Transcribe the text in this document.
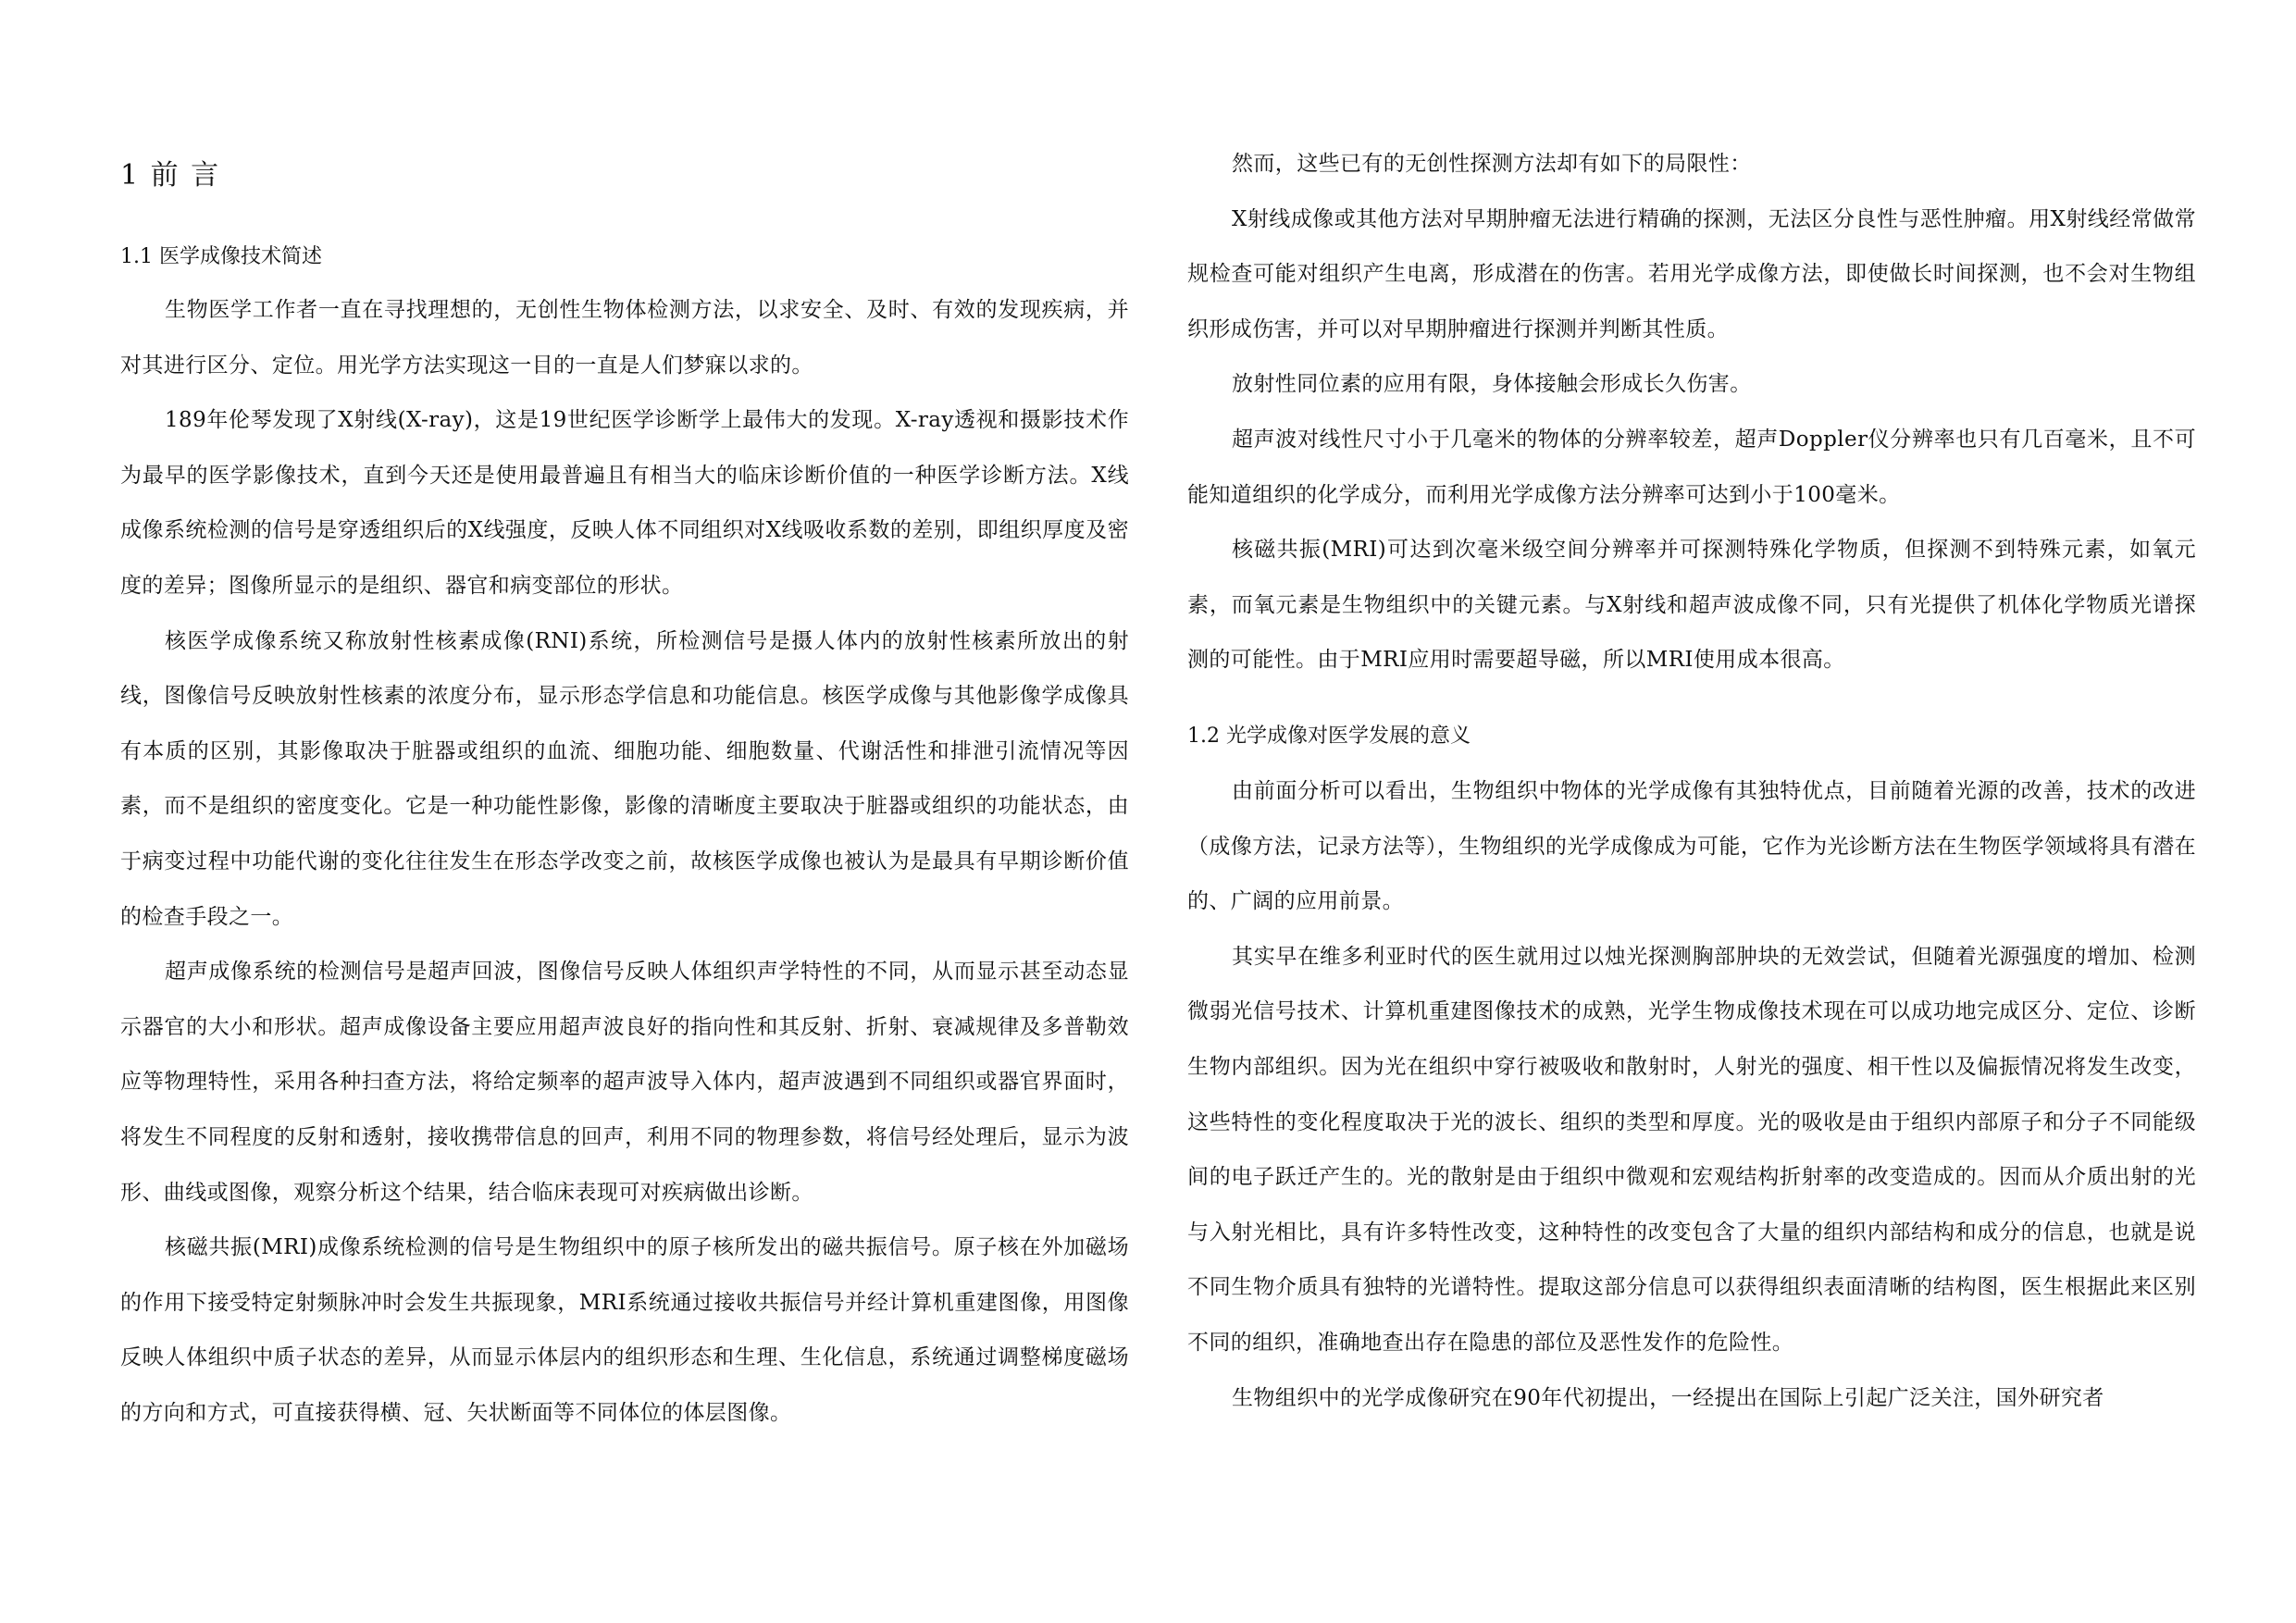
1 前 言
1.1 医学成像技术简述

生物医学工作者一直在寻找理想的，无创性生物体检测方法，以求安全、及时、有效的发现疾病，并对其进行区分、定位。用光学方法实现这一目的一直是人们梦寐以求的。

189年伦琴发现了X射线(X-ray)，这是19世纪医学诊断学上最伟大的发现。X-ray透视和摄影技术作为最早的医学影像技术，直到今天还是使用最普遍且有相当大的临床诊断价值的一种医学诊断方法。X线成像系统检测的信号是穿透组织后的X线强度，反映人体不同组织对X线吸收系数的差别，即组织厚度及密度的差异；图像所显示的是组织、器官和病变部位的形状。

核医学成像系统又称放射性核素成像(RNI)系统，所检测信号是摄人体内的放射性核素所放出的射线，图像信号反映放射性核素的浓度分布，显示形态学信息和功能信息。核医学成像与其他影像学成像具有本质的区别，其影像取决于脏器或组织的血流、细胞功能、细胞数量、代谢活性和排泄引流情况等因素，而不是组织的密度变化。它是一种功能性影像，影像的清晰度主要取决于脏器或组织的功能状态，由于病变过程中功能代谢的变化往往发生在形态学改变之前，故核医学成像也被认为是最具有早期诊断价值的检查手段之一。

超声成像系统的检测信号是超声回波，图像信号反映人体组织声学特性的不同，从而显示甚至动态显示器官的大小和形状。超声成像设备主要应用超声波良好的指向性和其反射、折射、衰减规律及多普勒效应等物理特性，采用各种扫查方法，将给定频率的超声波导入体内，超声波遇到不同组织或器官界面时，将发生不同程度的反射和透射，接收携带信息的回声，利用不同的物理参数，将信号经处理后，显示为波形、曲线或图像，观察分析这个结果，结合临床表现可对疾病做出诊断。

核磁共振(MRI)成像系统检测的信号是生物组织中的原子核所发出的磁共振信号。原子核在外加磁场的作用下接受特定射频脉冲时会发生共振现象，MRI系统通过接收共振信号并经计算机重建图像，用图像反映人体组织中质子状态的差异，从而显示体层内的组织形态和生理、生化信息，系统通过调整梯度磁场的方向和方式，可直接获得横、冠、矢状断面等不同体位的体层图像。

然而，这些已有的无创性探测方法却有如下的局限性：

X射线成像或其他方法对早期肿瘤无法进行精确的探测，无法区分良性与恶性肿瘤。用X射线经常做常规检查可能对组织产生电离，形成潜在的伤害。若用光学成像方法，即使做长时间探测，也不会对生物组织形成伤害，并可以对早期肿瘤进行探测并判断其性质。

放射性同位素的应用有限，身体接触会形成长久伤害。

超声波对线性尺寸小于几毫米的物体的分辨率较差，超声Doppler仪分辨率也只有几百毫米，且不可能知道组织的化学成分，而利用光学成像方法分辨率可达到小于100毫米。

核磁共振(MRI)可达到次毫米级空间分辨率并可探测特殊化学物质，但探测不到特殊元素，如氧元素，而氧元素是生物组织中的关键元素。与X射线和超声波成像不同，只有光提供了机体化学物质光谱探测的可能性。由于MRI应用时需要超导磁，所以MRI使用成本很高。

1.2 光学成像对医学发展的意义

由前面分析可以看出，生物组织中物体的光学成像有其独特优点，目前随着光源的改善，技术的改进（成像方法，记录方法等），生物组织的光学成像成为可能，它作为光诊断方法在生物医学领域将具有潜在的、广阔的应用前景。

其实早在维多利亚时代的医生就用过以烛光探测胸部肿块的无效尝试，但随着光源强度的增加、检测微弱光信号技术、计算机重建图像技术的成熟，光学生物成像技术现在可以成功地完成区分、定位、诊断生物内部组织。因为光在组织中穿行被吸收和散射时，人射光的强度、相干性以及偏振情况将发生改变，这些特性的变化程度取决于光的波长、组织的类型和厚度。光的吸收是由于组织内部原子和分子不同能级间的电子跃迁产生的。光的散射是由于组织中微观和宏观结构折射率的改变造成的。因而从介质出射的光与入射光相比，具有许多特性改变，这种特性的改变包含了大量的组织内部结构和成分的信息，也就是说不同生物介质具有独特的光谱特性。提取这部分信息可以获得组织表面清晰的结构图，医生根据此来区别不同的组织，准确地查出存在隐患的部位及恶性发作的危险性。

生物组织中的光学成像研究在90年代初提出，一经提出在国际上引起广泛关注，国外研究者
